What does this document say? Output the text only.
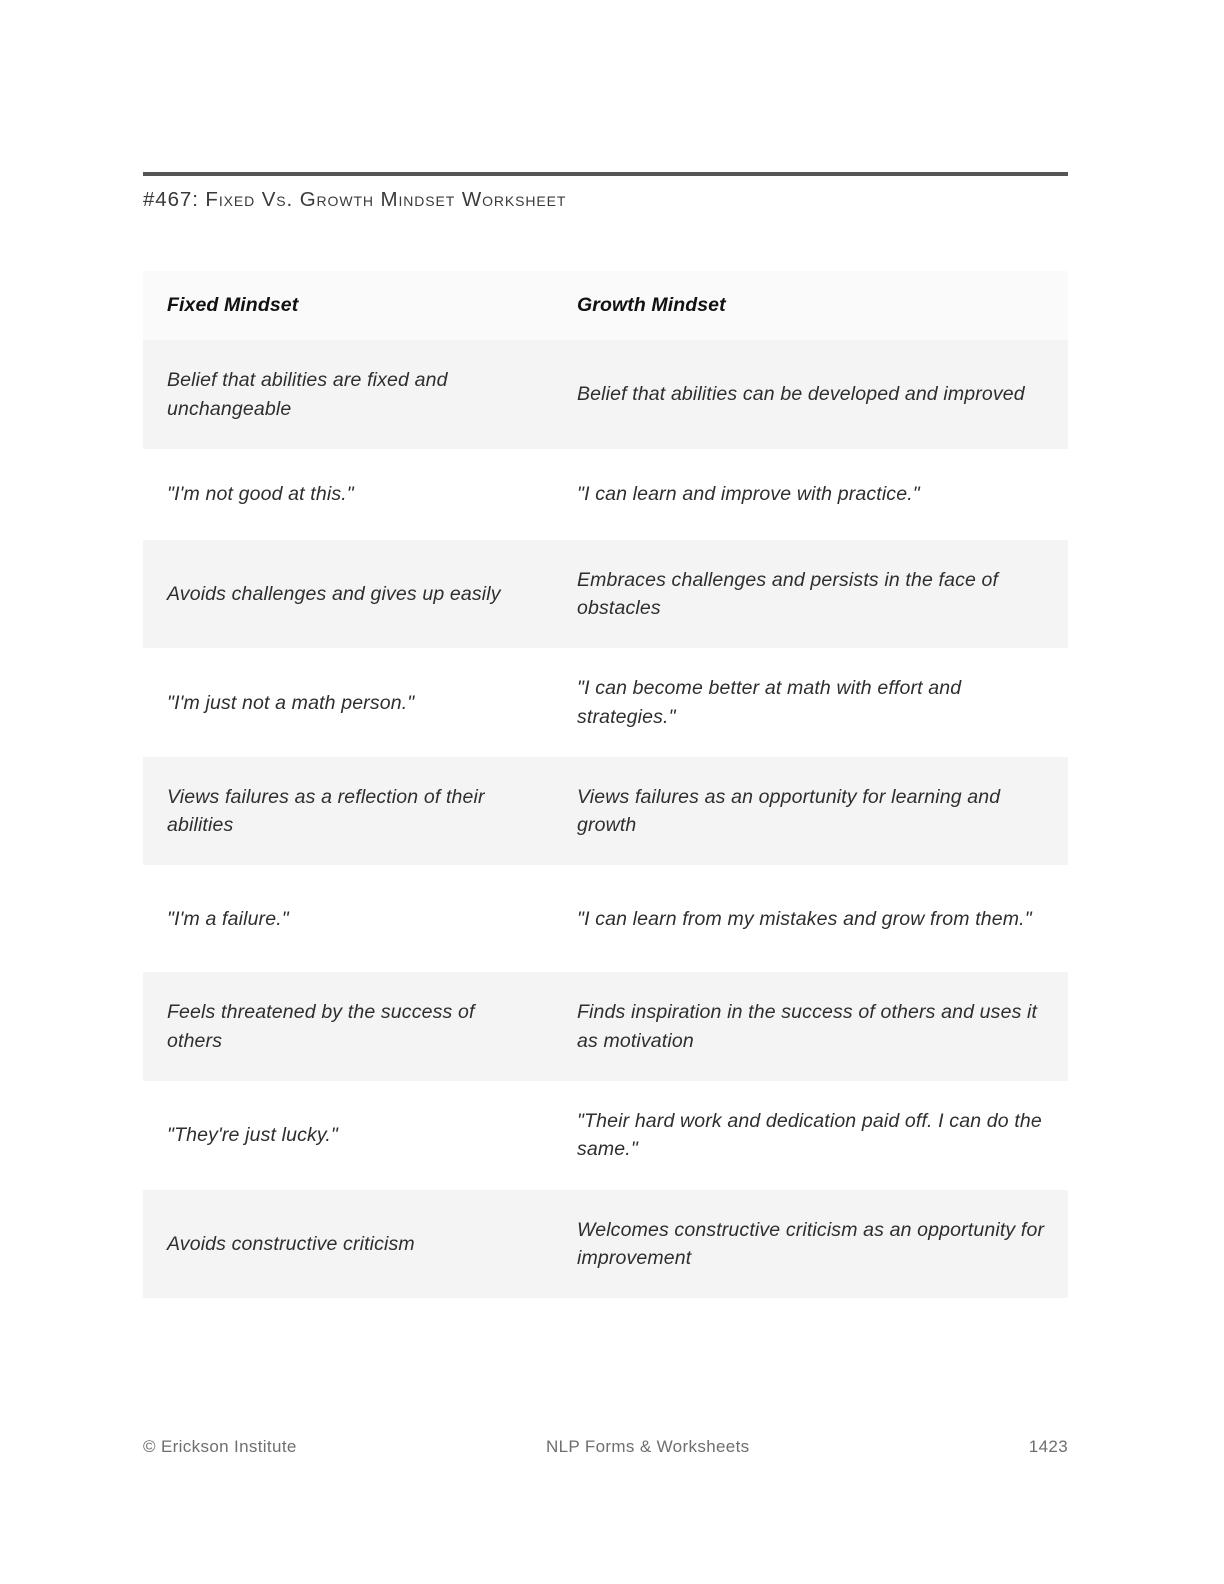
#467: Fixed Vs. Growth Mindset Worksheet
Fixed Mindset	Growth Mindset
Belief that abilities are fixed and unchangeable	Belief that abilities can be developed and improved
"I'm not good at this."	"I can learn and improve with practice."
Avoids challenges and gives up easily	Embraces challenges and persists in the face of obstacles
"I'm just not a math person."	"I can become better at math with effort and strategies."
Views failures as a reflection of their abilities	Views failures as an opportunity for learning and growth
"I'm a failure."	"I can learn from my mistakes and grow from them."
Feels threatened by the success of others	Finds inspiration in the success of others and uses it as motivation
"They're just lucky."	"Their hard work and dedication paid off. I can do the same."
Avoids constructive criticism	Welcomes constructive criticism as an opportunity for improvement
© Erickson Institute	NLP Forms & Worksheets	1423
